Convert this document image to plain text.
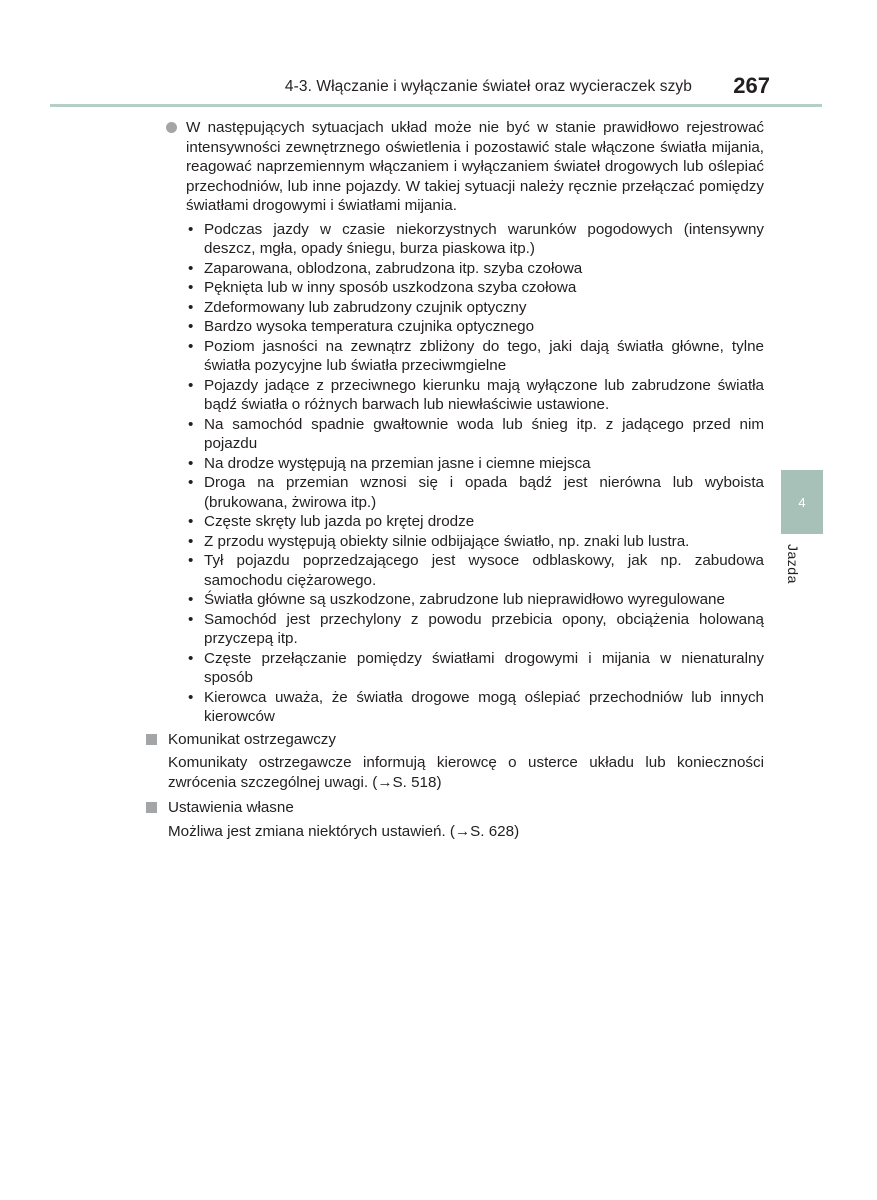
4-3. Włączanie i wyłączanie świateł oraz wycieraczek szyb 267
W następujących sytuacjach układ może nie być w stanie prawidłowo rejestrować intensywności zewnętrznego oświetlenia i pozostawić stale włączone światła mijania, reagować naprzemiennym włączaniem i wyłączaniem świateł drogowych lub oślepiać przechodniów, lub inne pojazdy. W takiej sytuacji należy ręcznie przełączać pomiędzy światłami drogowymi i światłami mijania.
• Podczas jazdy w czasie niekorzystnych warunków pogodowych (intensywny deszcz, mgła, opady śniegu, burza piaskowa itp.)
• Zaparowana, oblodzona, zabrudzona itp. szyba czołowa
• Pęknięta lub w inny sposób uszkodzona szyba czołowa
• Zdeformowany lub zabrudzony czujnik optyczny
• Bardzo wysoka temperatura czujnika optycznego
• Poziom jasności na zewnątrz zbliżony do tego, jaki dają światła główne, tylne światła pozycyjne lub światła przeciwmgielne
• Pojazdy jadące z przeciwnego kierunku mają wyłączone lub zabrudzone światła bądź światła o różnych barwach lub niewłaściwie ustawione.
• Na samochód spadnie gwałtownie woda lub śnieg itp. z jadącego przed nim pojazdu
• Na drodze występują na przemian jasne i ciemne miejsca
• Droga na przemian wznosi się i opada bądź jest nierówna lub wyboista (brukowana, żwirowa itp.)
• Częste skręty lub jazda po krętej drodze
• Z przodu występują obiekty silnie odbijające światło, np. znaki lub lustra.
• Tył pojazdu poprzedzającego jest wysoce odblaskowy, jak np. zabudowa samochodu ciężarowego.
• Światła główne są uszkodzone, zabrudzone lub nieprawidłowo wyregulowane
• Samochód jest przechylony z powodu przebicia opony, obciążenia holowaną przyczepą itp.
• Częste przełączanie pomiędzy światłami drogowymi i mijania w nienaturalny sposób
• Kierowca uważa, że światła drogowe mogą oślepiać przechodniów lub innych kierowców
Komunikat ostrzegawczy
Komunikaty ostrzegawcze informują kierowcę o usterce układu lub konieczności zwrócenia szczególnej uwagi. (→S. 518)
Ustawienia własne
Możliwa jest zmiana niektórych ustawień. (→S. 628)
4
Jazda
